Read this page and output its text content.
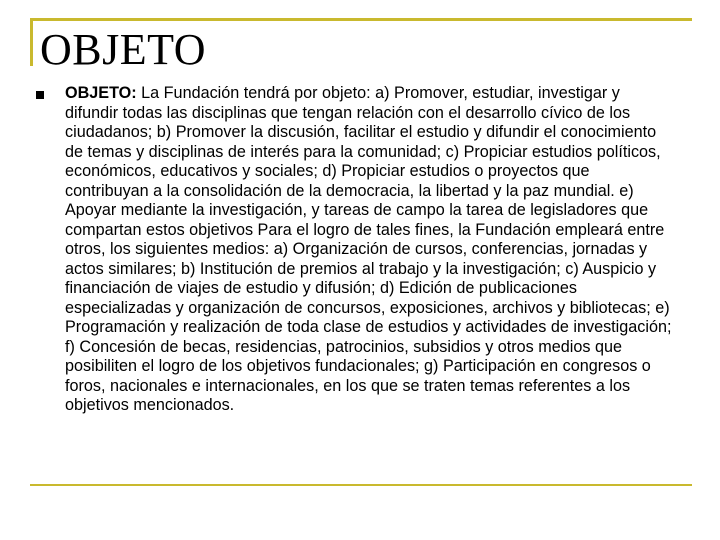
OBJETO

OBJETO: La Fundación tendrá por objeto: a) Promover, estudiar, investigar y difundir todas las disciplinas que tengan relación con el desarrollo cívico de los ciudadanos; b) Promover la discusión, facilitar el estudio y difundir el conocimiento de temas y disciplinas de interés para la comunidad; c) Propiciar estudios políticos, económicos, educativos y sociales; d) Propiciar estudios o proyectos que contribuyan a la consolidación de la democracia, la libertad y la paz mundial. e) Apoyar mediante la investigación, y tareas de campo la tarea de legisladores que compartan estos objetivos Para el logro de tales fines, la Fundación empleará entre otros, los siguientes medios: a) Organización de cursos, conferencias, jornadas y actos similares; b) Institución de premios al trabajo y la investigación; c) Auspicio y financiación de viajes de estudio y difusión; d) Edición de publicaciones especializadas y organización de concursos, exposiciones, archivos y bibliotecas; e) Programación y realización de toda clase de estudios y actividades de investigación; f) Concesión de becas, residencias, patrocinios, subsidios y otros medios que posibiliten el logro de los objetivos fundacionales; g) Participación en congresos o foros, nacionales e internacionales, en los que se traten temas referentes a los objetivos mencionados.
